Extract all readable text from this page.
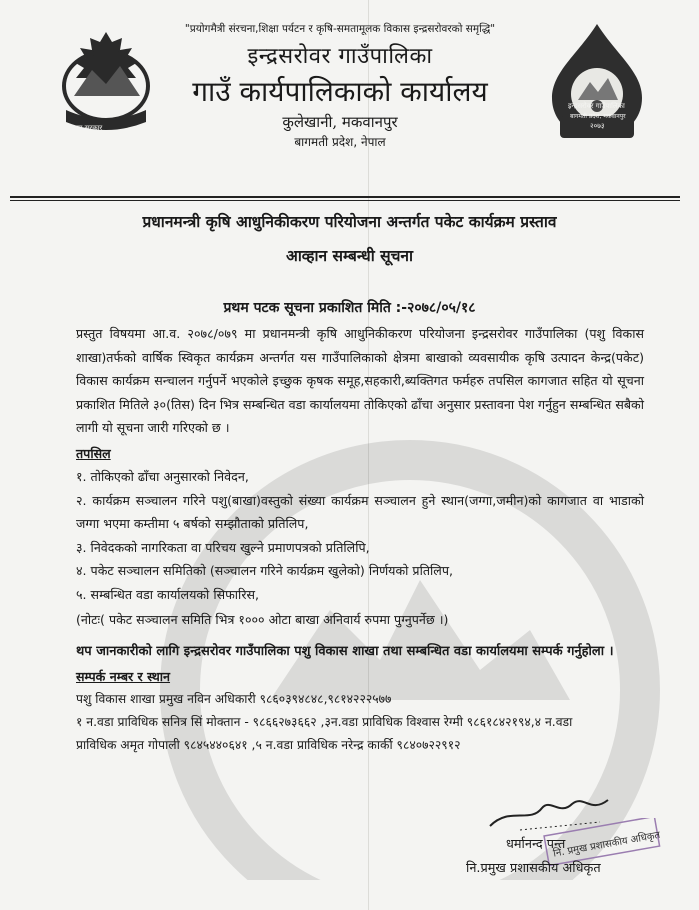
नेपाल सरकार
इन्द्रसरोवर गाउँपालिका
बागमती प्रदेश, मकवानपुर
२०७३
"प्रयोगमैत्री संरचना,शिक्षा पर्यटन र कृषि-समतामूलक विकास इन्द्रसरोवरको समृद्धि"
इन्द्रसरोवर गाउँपालिका
गाउँ कार्यपालिकाको कार्यालय
कुलेखानी, मकवानपुर
बागमती प्रदेश, नेपाल
प्रधानमन्त्री कृषि आधुनिकीकरण परियोजना अन्तर्गत पकेट कार्यक्रम प्रस्ताव
आव्हान सम्बन्धी सूचना
प्रथम पटक सूचना प्रकाशित मिति :-२०७८/०५/१८

प्रस्तुत विषयमा आ.व. २०७८/०७९ मा प्रधानमन्त्री कृषि आधुनिकीकरण परियोजना इन्द्रसरोवर गाउँपालिका (पशु विकास शाखा)तर्फको वार्षिक स्विकृत कार्यक्रम अन्तर्गत यस गाउँपालिकाको क्षेत्रमा बाखाको व्यवसायीक कृषि उत्पादन केन्द्र(पकेट) विकास कार्यक्रम सन्चालन गर्नुपर्ने भएकोले इच्छुक कृषक समूह,सहकारी,ब्यक्तिगत फर्महरु तपसिल कागजात सहित यो सूचना प्रकाशित मितिले ३०(तिस) दिन भित्र सम्बन्धित वडा कार्यालयमा तोकिएको ढाँचा अनुसार प्रस्तावना पेश गर्नुहुन सम्बन्धित सबैको लागी यो सूचना जारी गरिएको छ ।

तपसिल

१. तोकिएको ढाँचा अनुसारको निवेदन,

२. कार्यक्रम सञ्चालन गरिने पशु(बाखा)वस्तुको संख्या कार्यक्रम सञ्चालन हुने स्थान(जग्गा,जमीन)को कागजात वा भाडाको जग्गा भएमा कम्तीमा ५ बर्षको सम्झौताको प्रतिलिप,

३. निवेदकको नागरिकता वा परिचय खुल्ने प्रमाणपत्रको प्रतिलिपि,

४. पकेट सञ्चालन समितिको (सञ्चालन गरिने कार्यक्रम खुलेको) निर्णयको प्रतिलिप,

५. सम्बन्धित वडा कार्यालयको सिफारिस,

(नोटः( पकेट सञ्चालन समिति भित्र १००० ओटा बाखा अनिवार्य रुपमा पुग्नुपर्नेछ ।)

थप जानकारीको लागि इन्द्रसरोवर गाउँपालिका पशु विकास शाखा तथा सम्बन्धित वडा कार्यालयमा सम्पर्क गर्नुहोला ।

सम्पर्क नम्बर र स्थान

पशु विकास शाखा प्रमुख नविन अधिकारी ९८६०३९४८४८,९८१४२२२५७७

१ न.वडा प्राविधिक सनित्र सिं मोक्तान - ९८६६२७३६६२ ,३न.वडा प्राविधिक विश्वास रेग्मी ९८६१८४२१९४,४ न.वडा

प्राविधिक अमृत गोपाली ९८४५४४०६४१ ,५ न.वडा प्राविधिक नरेन्द्र कार्की ९८४०७२२९१२

नि. प्रमुख प्रशासकीय अधिकृत
धर्मानन्द पन्त
नि.प्रमुख प्रशासकीय अधिकृत
